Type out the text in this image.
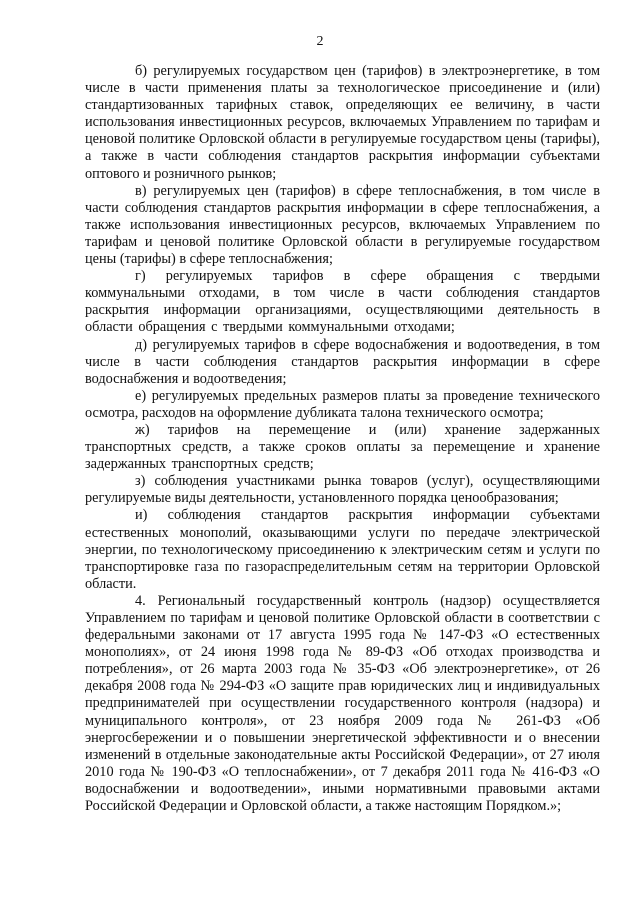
2

б) регулируемых государством цен (тарифов) в электроэнергетике, в том числе в части применения платы за технологическое присоединение и (или) стандартизованных тарифных ставок, определяющих ее величину, в части использования инвестиционных ресурсов, включаемых Управлением по тарифам и ценовой политике Орловской области в регулируемые государством цены (тарифы), а также в части соблюдения стандартов раскрытия информации субъектами оптового и розничного рынков;

в) регулируемых цен (тарифов) в сфере теплоснабжения, в том числе в части соблюдения стандартов раскрытия информации в сфере теплоснабжения, а также использования инвестиционных ресурсов, включаемых Управлением по тарифам и ценовой политике Орловской области в регулируемые государством цены (тарифы) в сфере теплоснабжения;

г) регулируемых тарифов в сфере обращения с твердыми коммунальными отходами, в том числе в части соблюдения стандартов раскрытия информации организациями, осуществляющими деятельность в области обращения с твердыми коммунальными отходами;

д) регулируемых тарифов в сфере водоснабжения и водоотведения, в том числе в части соблюдения стандартов раскрытия информации в сфере водоснабжения и водоотведения;

е) регулируемых предельных размеров платы за проведение технического осмотра, расходов на оформление дубликата талона технического осмотра;

ж) тарифов на перемещение и (или) хранение задержанных транспортных средств, а также сроков оплаты за перемещение и хранение задержанных транспортных средств;

з) соблюдения участниками рынка товаров (услуг), осуществляющими регулируемые виды деятельности, установленного порядка ценообразования;

и) соблюдения стандартов раскрытия информации субъектами естественных монополий, оказывающими услуги по передаче электрической энергии, по технологическому присоединению к электрическим сетям и услуги по транспортировке газа по газораспределительным сетям на территории Орловской области.

4. Региональный государственный контроль (надзор) осуществляется Управлением по тарифам и ценовой политике Орловской области в соответствии с федеральными законами от 17 августа 1995 года № 147-ФЗ «О естественных монополиях», от 24 июня 1998 года № 89-ФЗ «Об отходах производства и потребления», от 26 марта 2003 года № 35-ФЗ «Об электроэнергетике», от 26 декабря 2008 года № 294-ФЗ «О защите прав юридических лиц и индивидуальных предпринимателей при осуществлении государственного контроля (надзора) и муниципального контроля», от 23 ноября 2009 года № 261-ФЗ «Об энергосбережении и о повышении энергетической эффективности и о внесении изменений в отдельные законодательные акты Российской Федерации», от 27 июля 2010 года № 190-ФЗ «О теплоснабжении», от 7 декабря 2011 года № 416-ФЗ «О водоснабжении и водоотведении», иными нормативными правовыми актами Российской Федерации и Орловской области, а также настоящим Порядком.»;
